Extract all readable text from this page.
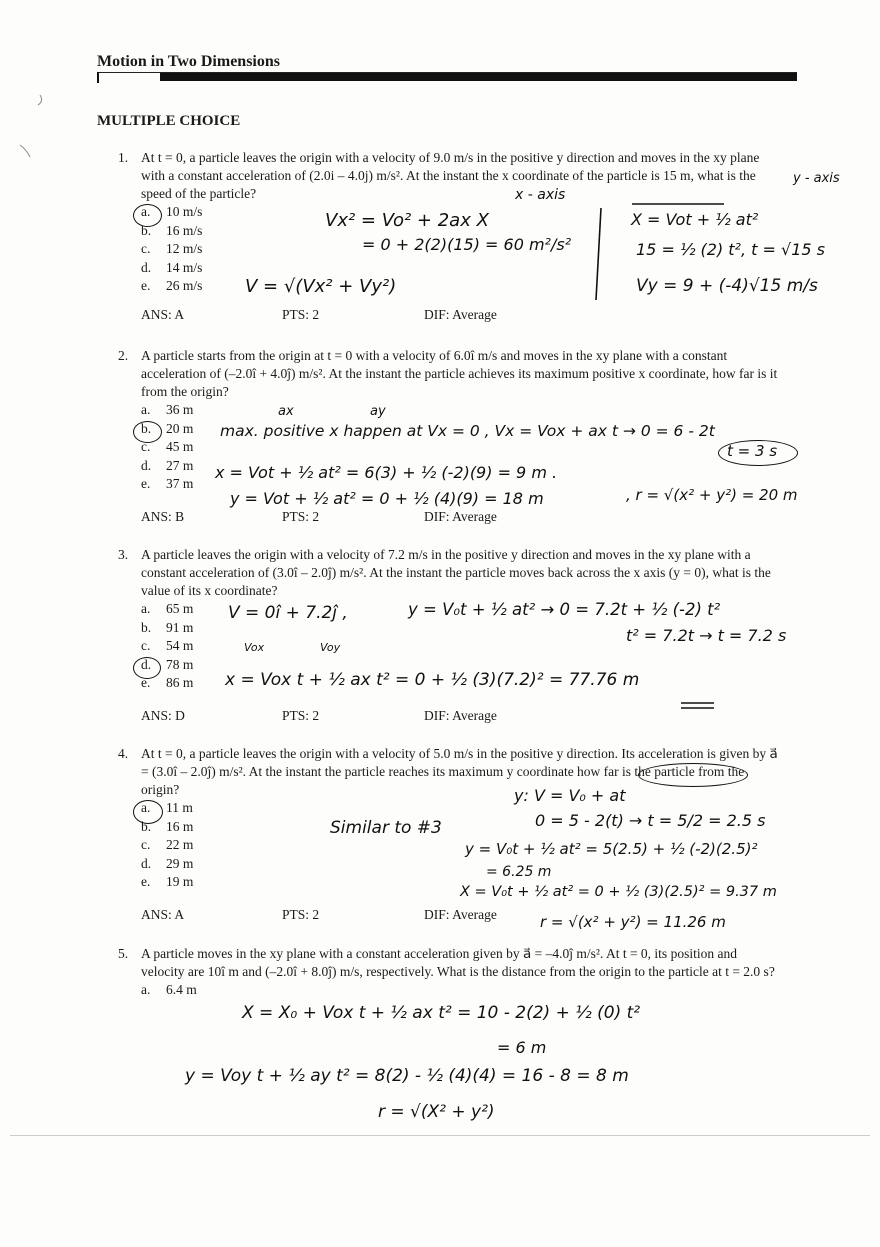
Motion in Two Dimensions
MULTIPLE CHOICE
1. At t = 0, a particle leaves the origin with a velocity of 9.0 m/s in the positive y direction and moves in the xy plane with a constant acceleration of (2.0i – 4.0j) m/s². At the instant the x coordinate of the particle is 15 m, what is the speed of the particle?
a.	10 m/s
b.	16 m/s
c.	12 m/s
d.	14 m/s
e.	26 m/s
ANS: A	PTS: 2	DIF: Average
2. A particle starts from the origin at t = 0 with a velocity of 6.0î m/s and moves in the xy plane with a constant acceleration of (–2.0î + 4.0ĵ) m/s². At the instant the particle achieves its maximum positive x coordinate, how far is it from the origin?
a.	36 m
b.	20 m
c.	45 m
d.	27 m
e.	37 m
ANS: B	PTS: 2	DIF: Average
3. A particle leaves the origin with a velocity of 7.2 m/s in the positive y direction and moves in the xy plane with a constant acceleration of (3.0î – 2.0ĵ) m/s². At the instant the particle moves back across the x axis (y = 0), what is the value of its x coordinate?
a.	65 m
b.	91 m
c.	54 m
d.	78 m
e.	86 m
ANS: D	PTS: 2	DIF: Average
4. At t = 0, a particle leaves the origin with a velocity of 5.0 m/s in the positive y direction. Its acceleration is given by a⃗ = (3.0î – 2.0ĵ) m/s². At the instant the particle reaches its maximum y coordinate how far is the particle from the origin?
a.	11 m
b.	16 m
c.	22 m
d.	29 m
e.	19 m
ANS: A	PTS: 2	DIF: Average
5. A particle moves in the xy plane with a constant acceleration given by a⃗ = –4.0ĵ m/s². At t = 0, its position and velocity are 10î m and (–2.0î + 8.0ĵ) m/s, respectively. What is the distance from the origin to the particle at t = 2.0 s?
a.	6.4 m
x - axis
y - axis
Vx² = Vo² + 2ax X
= 0 + 2(2)(15) = 60 m²/s²
V = √(Vx² + Vy²)
X = Vot + ½ at²
15 = ½ (2) t², t = √15 s
Vy = 9 + (-4)√15 m/s
ax	ay
max. positive x happen at Vx = 0 , Vx = Vox + ax t → 0 = 6 - 2t
t = 3 s
x = Vot + ½ at² = 6(3) + ½ (-2)(9) = 9 m .
y = Vot + ½ at² = 0 + ½ (4)(9) = 18 m	, r = √(x² + y²) = 20 m
V = 0î + 7.2ĵ ,	y = V₀t + ½ at² → 0 = 7.2t + ½ (-2) t²
Vox	Voy
t² = 7.2t → t = 7.2 s
x = Vox t + ½ ax t² = 0 + ½ (3)(7.2)² = 77.76 m
y: V = V₀ + at
Similar to #3	0 = 5 - 2(t) → t = 5/2 = 2.5 s
y = V₀t + ½ at² = 5(2.5) + ½ (-2)(2.5)²
= 6.25 m
X = V₀t + ½ at² = 0 + ½ (3)(2.5)² = 9.37 m
r = √(x² + y²) = 11.26 m
X = X₀ + Vox t + ½ ax t² = 10 - 2(2) + ½ (0) t²
= 6 m
y = Voy t + ½ ay t² = 8(2) - ½ (4)(4) = 16 - 8 = 8 m
r = √(X² + y²)
